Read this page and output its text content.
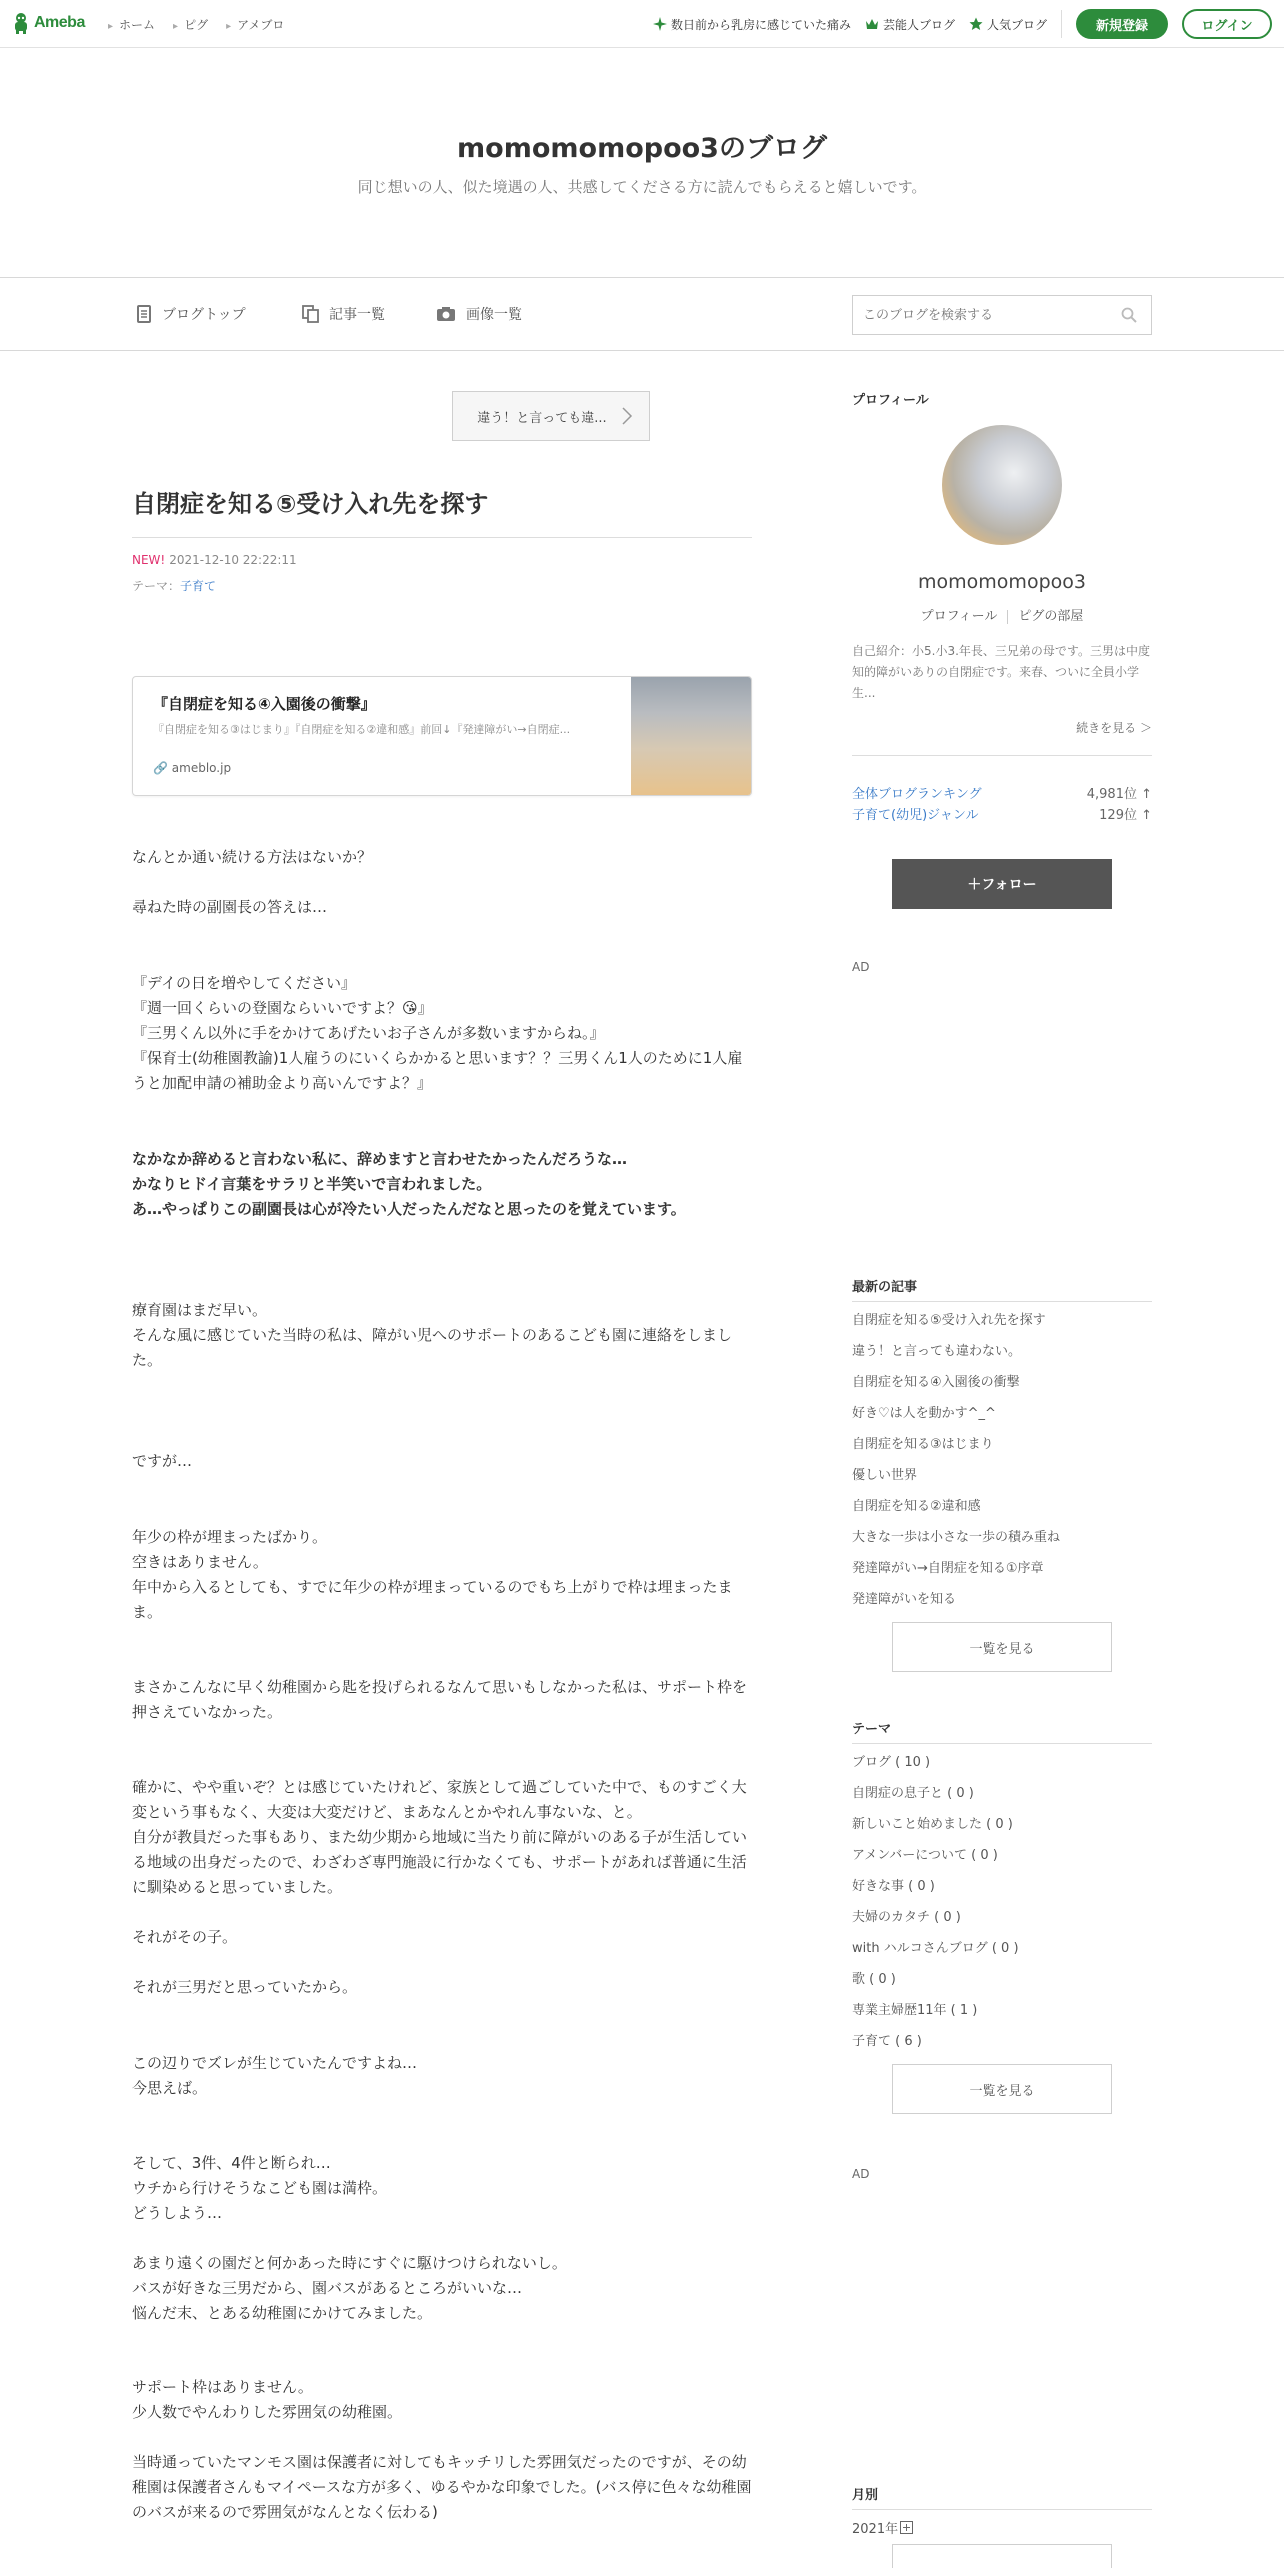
Ameba ▸ ホーム ▸ ピグ ▸ アメブロ	数日前から乳房に感じていた痛み	芸能人ブログ	人気ブログ	新規登録	ログイン
momomomopoo3のブログ
同じ想いの人、似た境遇の人、共感してくださる方に読んでもらえると嬉しいです。
ブログトップ	記事一覧	画像一覧
このブログを検索する
違う！と言っても違...
自閉症を知る⑤受け入れ先を探す
NEW! 2021-12-10 22:22:11
テーマ：子育て
『自閉症を知る④入園後の衝撃』
『自閉症を知る③はじまり』『自閉症を知る②違和感』前回↓『発達障がい→自閉症...
🔗 ameblo.jp
なんとか通い続ける方法はないか？
尋ねた時の副園長の答えは…
『デイの日を増やしてください』
『週一回くらいの登園ならいいですよ？😘』
『三男くん以外に手をかけてあげたいお子さんが多数いますからね。』
『保育士(幼稚園教諭)1人雇うのにいくらかかると思います？？三男くん1人のために1人雇うと加配申請の補助金より高いんですよ？』
なかなか辞めると言わない私に、辞めますと言わせたかったんだろうな…
かなりヒドイ言葉をサラリと半笑いで言われました。
あ…やっぱりこの副園長は心が冷たい人だったんだなと思ったのを覚えています。
療育園はまだ早い。
そんな風に感じていた当時の私は、障がい児へのサポートのあるこども園に連絡をしました。
ですが…
年少の枠が埋まったばかり。
空きはありません。
年中から入るとしても、すでに年少の枠が埋まっているのでもち上がりで枠は埋まったまま。
まさかこんなに早く幼稚園から匙を投げられるなんて思いもしなかった私は、サポート枠を押さえていなかった。
確かに、やや重いぞ？とは感じていたけれど、家族として過ごしていた中で、ものすごく大変という事もなく、大変は大変だけど、まあなんとかやれん事ないな、と。
自分が教員だった事もあり、また幼少期から地域に当たり前に障がいのある子が生活している地域の出身だったので、わざわざ専門施設に行かなくても、サポートがあれば普通に生活に馴染めると思っていました。
それがその子。
それが三男だと思っていたから。
この辺りでズレが生じていたんですよね…
今思えば。
そして、3件、4件と断られ…
ウチから行けそうなこども園は満枠。
どうしよう…
あまり遠くの園だと何かあった時にすぐに駆けつけられないし。
バスが好きな三男だから、園バスがあるところがいいな…
悩んだ末、とある幼稚園にかけてみました。
サポート枠はありません。
少人数でやんわりした雰囲気の幼稚園。
当時通っていたマンモス園は保護者に対してもキッチリした雰囲気だったのですが、その幼稚園は保護者さんもマイペースな方が多く、ゆるやかな印象でした。(バス停に色々な幼稚園のバスが来るので雰囲気がなんとなく伝わる)
プロフィール
momomomopoo3
プロフィール ピグの部屋
自己紹介：小5.小3.年長、三兄弟の母です。三男は中度知的障がいありの自閉症です。来春、ついに全員小学生...
続きを見る ＞
全体ブログランキング	4,981位 ↑
子育て(幼児)ジャンル	129位 ↑
＋ フォロー
AD
最新の記事
自閉症を知る⑤受け入れ先を探す
違う！と言っても違わない。
自閉症を知る④入園後の衝撃
好き♡は人を動かす^_^
自閉症を知る③はじまり
優しい世界
自閉症を知る②違和感
大きな一歩は小さな一歩の積み重ね
発達障がい→自閉症を知る①序章
発達障がいを知る
一覧を見る
テーマ
ブログ ( 10 )
自閉症の息子と ( 0 )
新しいこと始めました ( 0 )
アメンバーについて ( 0 )
好きな事 ( 0 )
夫婦のカタチ ( 0 )
with ハルコさんブログ ( 0 )
歌 ( 0 )
専業主婦歴11年 ( 1 )
子育て ( 6 )
一覧を見る
AD
月別
2021年
